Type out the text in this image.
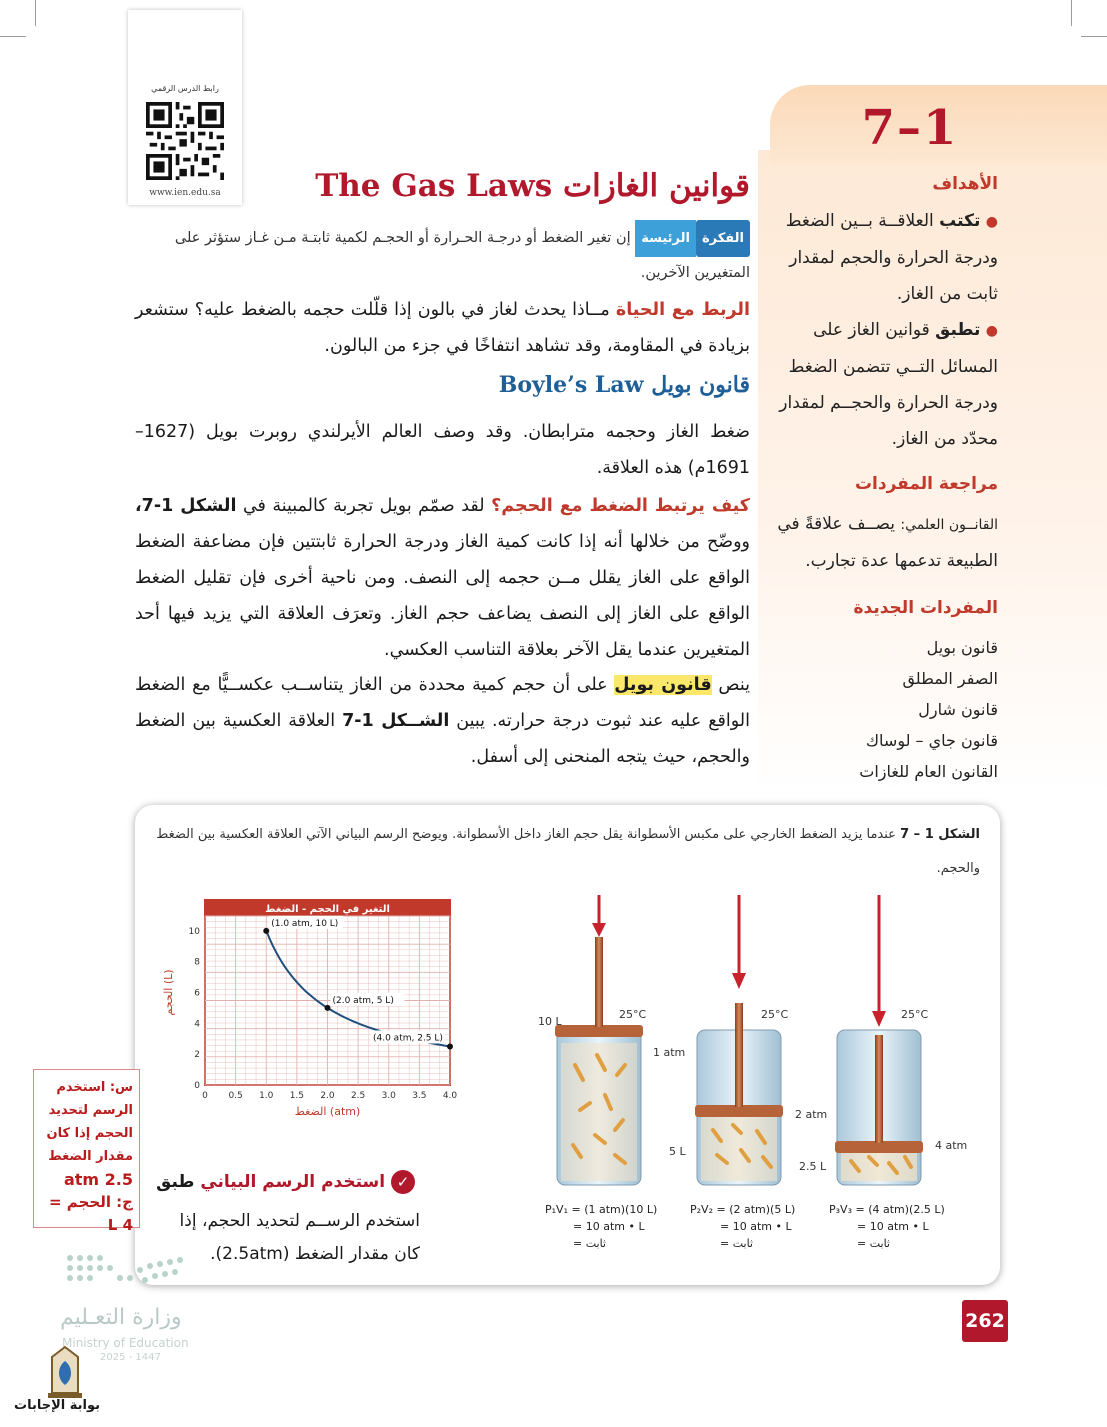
رابط الدرس الرقمي
www.ien.edu.sa
7–1
قوانين الغازات The Gas Laws	الأهداف
● تكتب العلاقــة بــين الضغط ودرجة الحرارة والحجم لمقدار ثابت من الغاز.
● تطبق قوانين الغاز على المسائل التــي تتضمن الضغط ودرجة الحرارة والحجــم لمقدار محدّد من الغاز.
مراجعة المفردات
القانــون العلمي: يصــف علاقةً في الطبيعة تدعمها عدة تجارب.
المفردات الجديدة
قانون بويل
الصفر المطلق
قانون شارل
قانون جاي – لوساك
القانون العام للغازات
الفكرةالرئيسة إن تغير الضغط أو درجـة الحـرارة أو الحجـم لكمية ثابتـة مـن غـاز ستؤثر على المتغيرين الآخرين.
الربط مع الحياة مــاذا يحدث لغاز في بالون إذا قلّلت حجمه بالضغط عليه؟ ستشعر بزيادة في المقاومة، وقد تشاهد انتفاخًا في جزء من البالون.
قانون بويل Boyle’s Law
ضغط الغاز وحجمه مترابطان. وقد وصف العالم الأيرلندي روبرت بويل (1627–1691م) هذه العلاقة.
كيف يرتبط الضغط مع الحجم؟ لقد صمّم بويل تجربة كالمبينة في الشكل 1-7، ووضّح من خلالها أنه إذا كانت كمية الغاز ودرجة الحرارة ثابتتين فإن مضاعفة الضغط الواقع على الغاز يقلل مــن حجمه إلى النصف. ومن ناحية أخرى فإن تقليل الضغط الواقع على الغاز إلى النصف يضاعف حجم الغاز. وتعرَف العلاقة التي يزيد فيها أحد المتغيرين عندما يقل الآخر بعلاقة التناسب العكسي.
ينص قانون بويل على أن حجم كمية محددة من الغاز يتناســب عكســيًّا مع الضغط الواقع عليه عند ثبوت درجة حرارته. يبين الشــكل 1-7 العلاقة العكسية بين الضغط والحجم، حيث يتجه المنحنى إلى أسفل.
الشكل 1 – 7 عندما يزيد الضغط الخارجي على مكبس الأسطوانة يقل حجم الغاز داخل الأسطوانة. ويوضح الرسم البياني الآتي العلاقة العكسية بين الضغط والحجم.
التغير في الحجم - الضغط
0 0.5 1.0 1.5 2.0 2.5 3.0 3.5 4.0
0
2
4
6
8
10
الضغط (atm)
الحجم (L)
(1.0 atm, 10 L)
(2.0 atm, 5 L)
(4.0 atm, 2.5 L)
25°C
10 L
1 atm
P₁V₁ = (1 atm)(10 L)
= 10 atm • L
= ثابت
25°C
5 L
2 atm
P₂V₂ = (2 atm)(5 L)
= 10 atm • L
= ثابت
25°C
2.5 L
4 atm
P₃V₃ = (4 atm)(2.5 L)
= 10 atm • L
= ثابت
✓ استخدم الرسم البياني طبق
استخدم الرســم لتحديد الحجم، إذا كان مقدار الضغط (2.5atm).
س: استخدم
الرسم لتحديد
الحجم إذا كان
مقدار الضغط
2.5 atm
ج: الحجم = 4 L
وزارة التعـليم
Ministry of Education
2025 - 1447
بوابة الإجابات
262
